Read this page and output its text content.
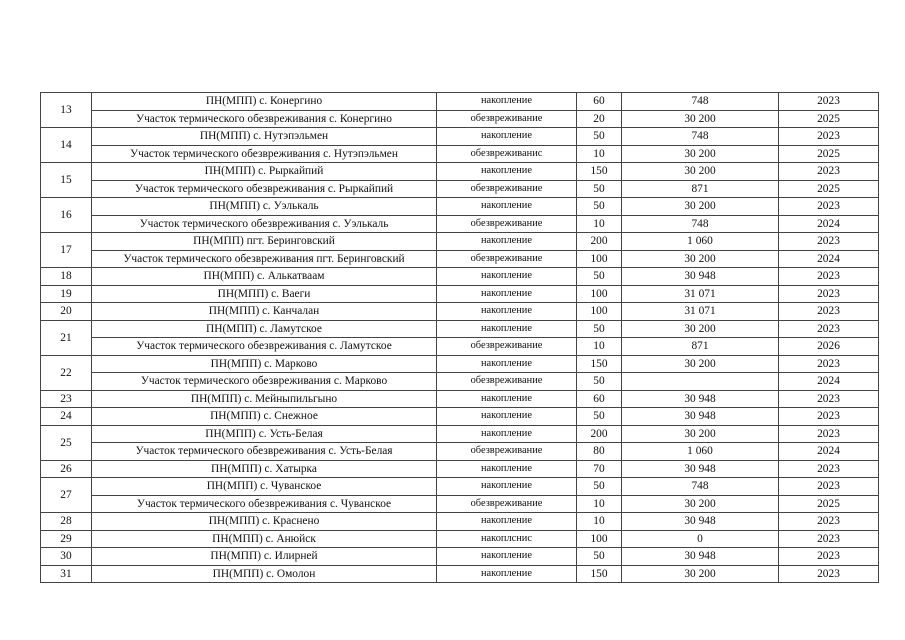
13	ПН(МПП) с. Конергино	накопление	60	748	2023
	Участок термического обезвреживания с. Конергино	обезвреживание	20	30 200	2025
14	ПН(МПП) с. Нутэпэльмен	накопление	50	748	2023
	Участок термического обезвреживания с. Нутэпэльмен	обезвреживанис	10	30 200	2025
15	ПН(МПП) с. Рыркайпий	накопление	150	30 200	2023
	Участок термического обезвреживания с. Рыркайпий	обезвреживание	50	871	2025
16	ПН(МПП) с. Уэлькаль	накопление	50	30 200	2023
	Участок термического обезвреживания с. Уэлькаль	обезвреживание	10	748	2024
17	ПН(МПП) пгт. Беринговский	накопление	200	1 060	2023
	Участок термического обезвреживания пгт. Беринговский	обезвреживание	100	30 200	2024
18	ПН(МПП) с. Алькатваам	накопление	50	30 948	2023
19	ПН(МПП) с. Ваеги	накопление	100	31 071	2023
20	ПН(МПП) с. Канчалан	накопление	100	31 071	2023
21	ПН(МПП) с. Ламутское	накопление	50	30 200	2023
	Участок термического обезвреживания с. Ламутское	обезвреживание	10	871	2026
22	ПН(МПП) с. Марково	накопление	150	30 200	2023
	Участок термического обезвреживания с. Марково	обезвреживание	50		2024
23	ПН(МПП) с. Мейныпильгыно	накопление	60	30 948	2023
24	ПН(МПП) с. Снежное	накопление	50	30 948	2023
25	ПН(МПП) с. Усть-Белая	накопление	200	30 200	2023
	Участок термического обезвреживания с. Усть-Белая	обезвреживание	80	1 060	2024
26	ПН(МПП) с. Хатырка	накопление	70	30 948	2023
27	ПН(МПП) с. Чуванское	накопление	50	748	2023
	Участок термического обезвреживания с. Чуванское	обезвреживание	10	30 200	2025
28	ПН(МПП) с. Краснено	накопление	10	30 948	2023
29	ПН(МПП) с. Анюйск	накоплснис	100	0	2023
30	ПН(МПП) с. Илирней	накопление	50	30 948	2023
31	ПН(МПП) с. Омолон	накопление	150	30 200	2023
